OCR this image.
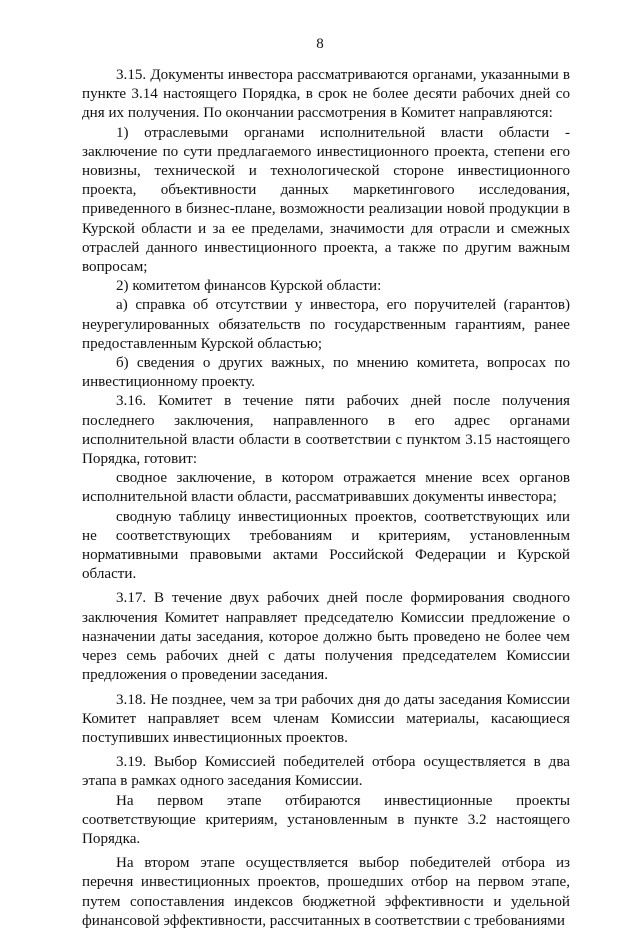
8

3.15. Документы инвестора рассматриваются органами, указанными в пункте 3.14 настоящего Порядка, в срок не более десяти рабочих дней со дня их получения. По окончании рассмотрения в Комитет направляются:

1) отраслевыми органами исполнительной власти области - заключение по сути предлагаемого инвестиционного проекта, степени его новизны, технической и технологической стороне инвестиционного проекта, объективности данных маркетингового исследования, приведенного в бизнес-плане, возможности реализации новой продукции в Курской области и за ее пределами, значимости для отрасли и смежных отраслей данного инвестиционного проекта, а также по другим важным вопросам;

2) комитетом финансов Курской области:

а) справка об отсутствии у инвестора, его поручителей (гарантов) неурегулированных обязательств по государственным гарантиям, ранее предоставленным Курской областью;

б) сведения о других важных, по мнению комитета, вопросах по инвестиционному проекту.

3.16. Комитет в течение пяти рабочих дней после получения последнего заключения, направленного в его адрес органами исполнительной власти области в соответствии с пунктом 3.15 настоящего Порядка, готовит:

сводное заключение, в котором отражается мнение всех органов исполнительной власти области, рассматривавших документы инвестора;

сводную таблицу инвестиционных проектов, соответствующих или не соответствующих требованиям и критериям, установленным нормативными правовыми актами Российской Федерации и Курской области.

3.17. В течение двух рабочих дней после формирования сводного заключения Комитет направляет председателю Комиссии предложение о назначении даты заседания, которое должно быть проведено не более чем через семь рабочих дней с даты получения председателем Комиссии предложения о проведении заседания.

3.18. Не позднее, чем за три рабочих дня до даты заседания Комиссии Комитет направляет всем членам Комиссии материалы, касающиеся поступивших инвестиционных проектов.

3.19. Выбор Комиссией победителей отбора осуществляется в два этапа в рамках одного заседания Комиссии.

На первом этапе отбираются инвестиционные проекты соответствующие критериям, установленным в пункте 3.2 настоящего Порядка.

На втором этапе осуществляется выбор победителей отбора из перечня инвестиционных проектов, прошедших отбор на первом этапе, путем сопоставления индексов бюджетной эффективности и удельной финансовой эффективности, рассчитанных в соответствии с требованиями
